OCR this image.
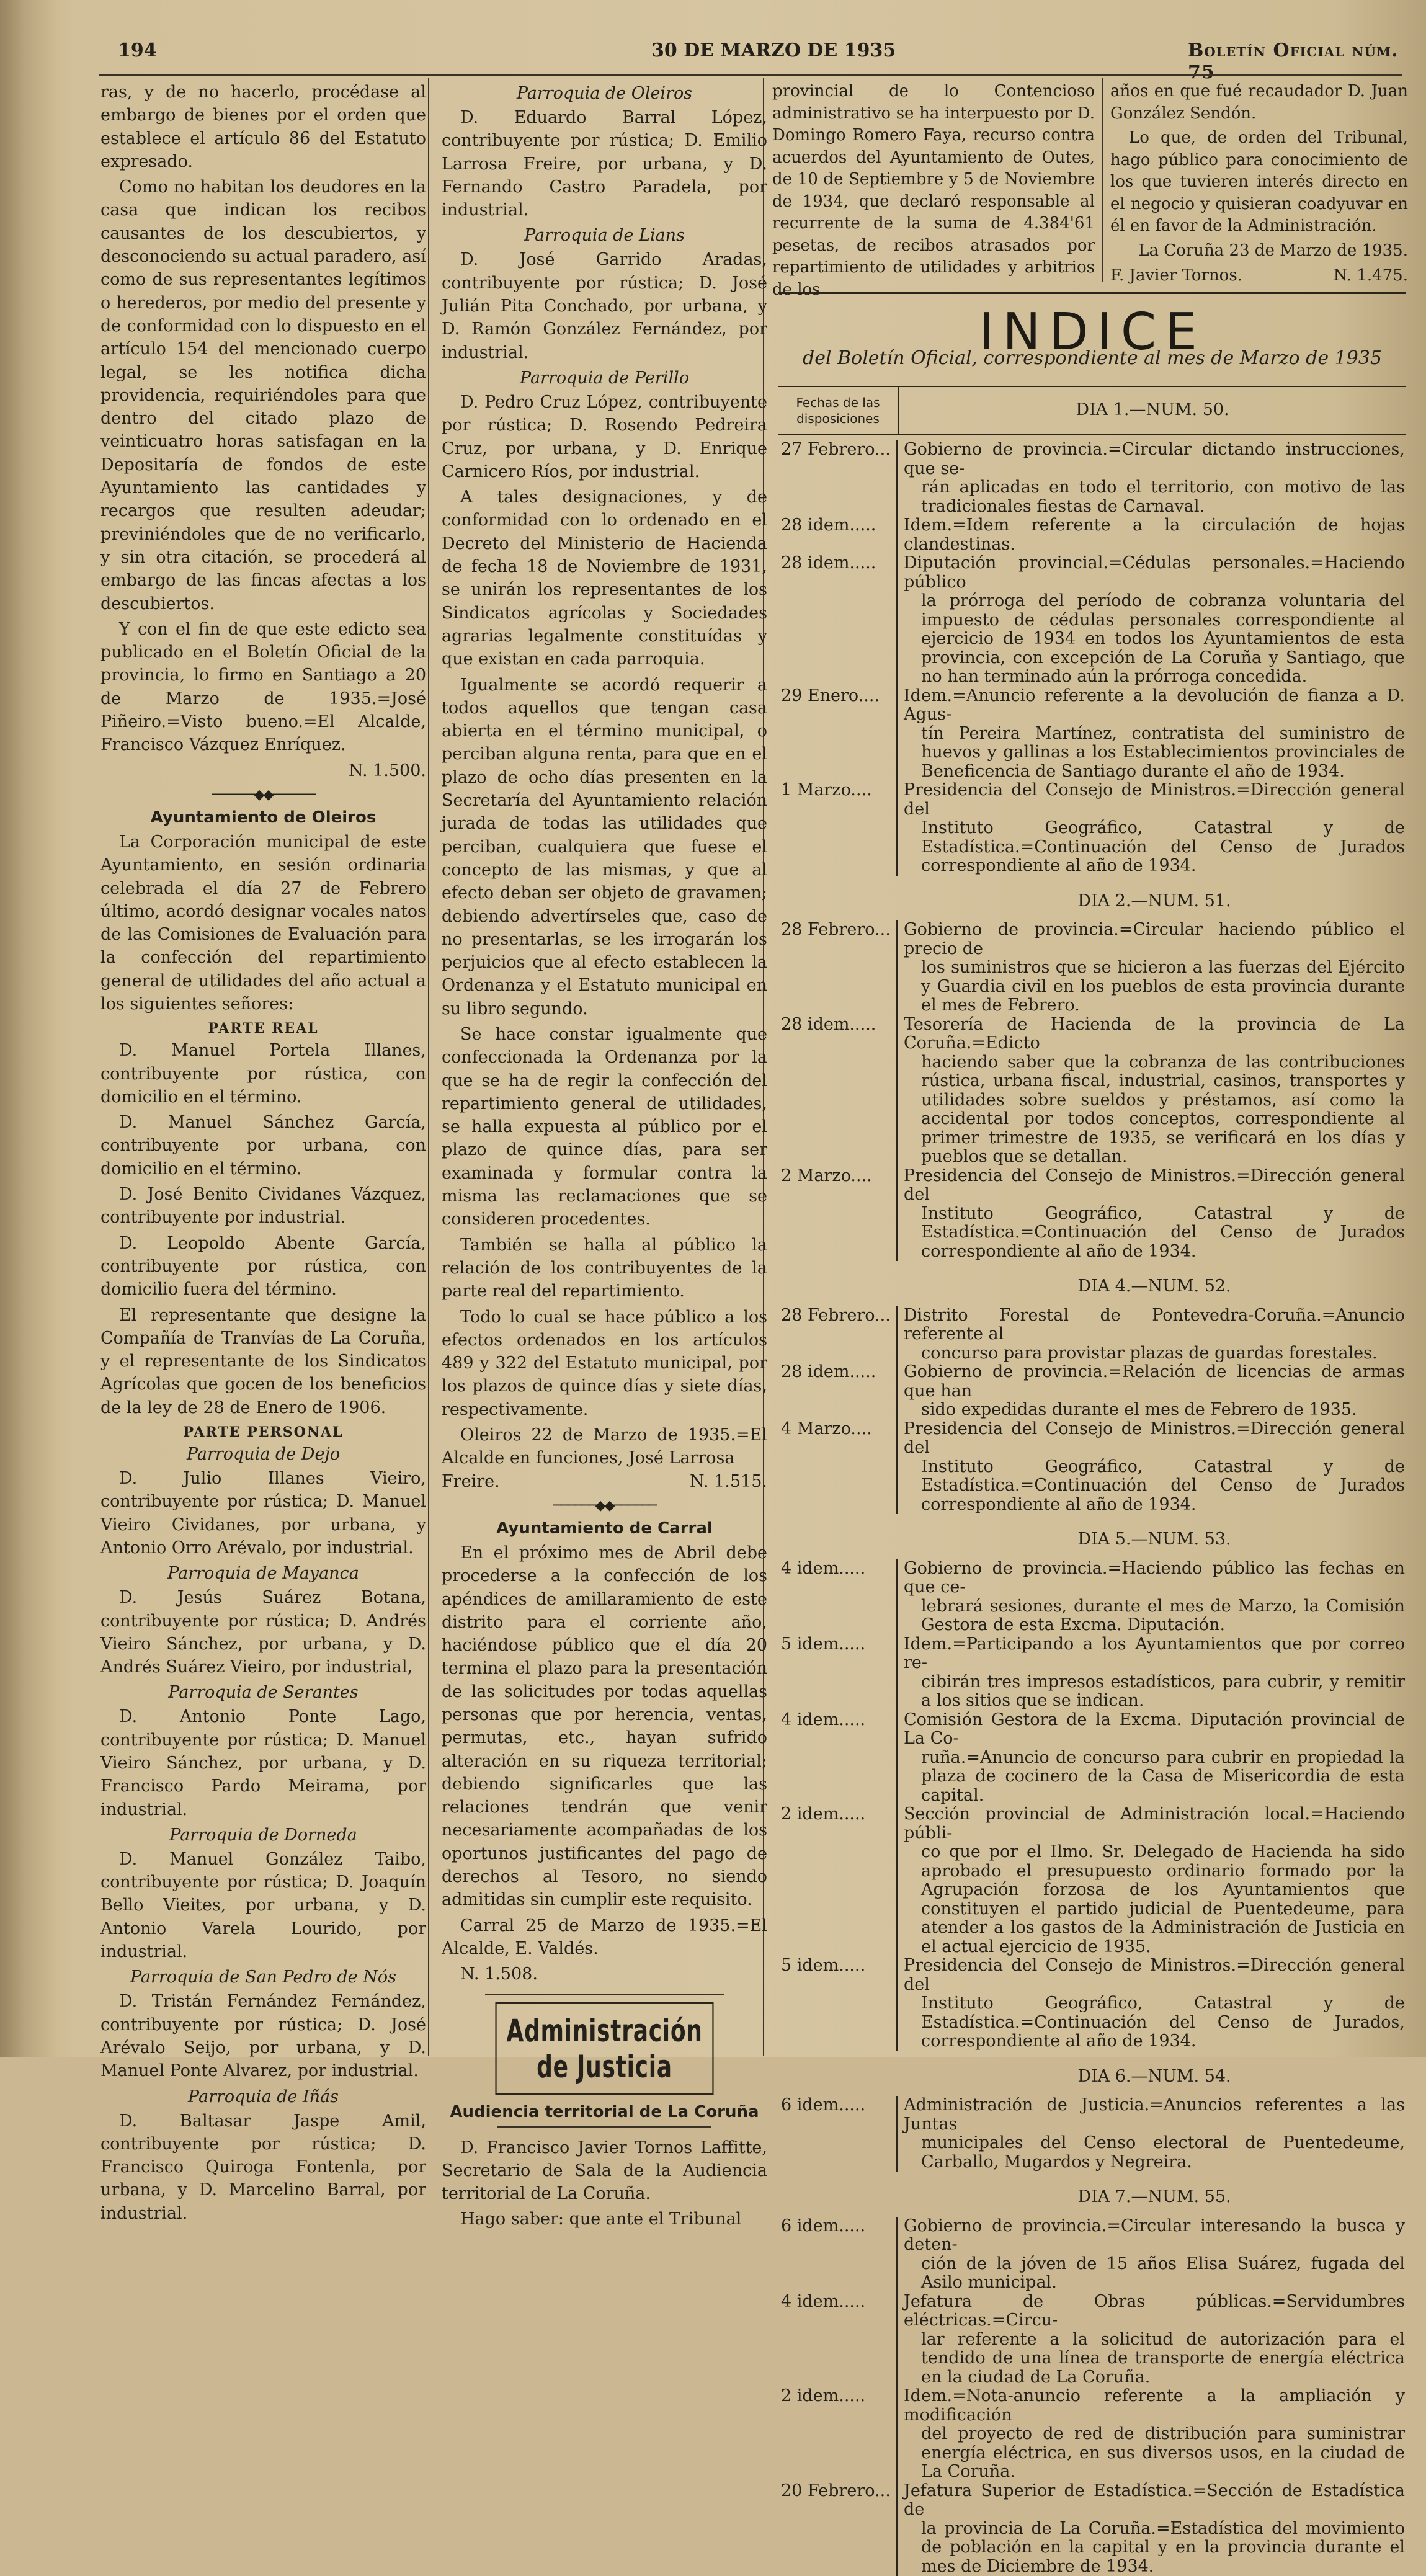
194	30 DE MARZO DE 1935	Boletín Oficial núm. 75

ras, y de no hacerlo, procédase al embargo de bienes por el orden que establece el artículo 86 del Estatuto expresado.

Como no habitan los deudores en la casa que indican los recibos causantes de los descubiertos, y desconociendo su actual paradero, así como de sus representantes legítimos o herederos, por medio del presente y de conformidad con lo dispuesto en el artículo 154 del mencionado cuerpo legal, se les notifica dicha providencia, requiriéndoles para que dentro del citado plazo de veinticuatro horas satisfagan en la Depositaría de fondos de este Ayuntamiento las cantidades y recargos que resulten adeudar; previniéndoles que de no verificarlo, y sin otra citación, se procederá al embargo de las fincas afectas a los descubiertos.

Y con el fin de que este edicto sea publicado en el Boletín Oficial de la provincia, lo firmo en Santiago a 20 de Marzo de 1935.=José Piñeiro.=Visto bueno.=El Alcalde, Francisco Vázquez Enríquez.

N. 1.500.
──────◆◆──────
Ayuntamiento de Oleiros

La Corporación municipal de este Ayuntamiento, en sesión ordinaria celebrada el día 27 de Febrero último, acordó designar vocales natos de las Comisiones de Evaluación para la confección del repartimiento general de utilidades del año actual a los siguientes señores:

PARTE REAL

D. Manuel Portela Illanes, contribuyente por rústica, con domicilio en el término.

D. Manuel Sánchez García, contribuyente por urbana, con domicilio en el término.

D. José Benito Cividanes Vázquez, contribuyente por industrial.

D. Leopoldo Abente García, contribuyente por rústica, con domicilio fuera del término.

El representante que designe la Compañía de Tranvías de La Coruña, y el representante de los Sindicatos Agrícolas que gocen de los beneficios de la ley de 28 de Enero de 1906.

PARTE PERSONAL
Parroquia de Dejo

D. Julio Illanes Vieiro, contribuyente por rústica; D. Manuel Vieiro Cividanes, por urbana, y Antonio Orro Arévalo, por industrial.

Parroquia de Mayanca

D. Jesús Suárez Botana, contribuyente por rústica; D. Andrés Vieiro Sánchez, por urbana, y D. Andrés Suárez Vieiro, por industrial,

Parroquia de Serantes

D. Antonio Ponte Lago, contribuyente por rústica; D. Manuel Vieiro Sánchez, por urbana, y D. Francisco Pardo Meirama, por industrial.

Parroquia de Dorneda

D. Manuel González Taibo, contribuyente por rústica; D. Joaquín Bello Vieites, por urbana, y D. Antonio Varela Lourido, por industrial.

Parroquia de San Pedro de Nós

D. Tristán Fernández Fernández, contribuyente por rústica; D. José Arévalo Seijo, por urbana, y D. Manuel Ponte Alvarez, por industrial.

Parroquia de Iñás

D. Baltasar Jaspe Amil, contribuyente por rústica; D. Francisco Quiroga Fontenla, por urbana, y D. Marcelino Barral, por industrial.

Parroquia de Oleiros

D. Eduardo Barral López, contribuyente por rústica; D. Emilio Larrosa Freire, por urbana, y D. Fernando Castro Paradela, por industrial.

Parroquia de Lians

D. José Garrido Aradas, contribuyente por rústica; D. José Julián Pita Conchado, por urbana, y D. Ramón González Fernández, por industrial.

Parroquia de Perillo

D. Pedro Cruz López, contribuyente por rústica; D. Rosendo Pedreira Cruz, por urbana, y D. Enrique Carnicero Ríos, por industrial.

A tales designaciones, y de conformidad con lo ordenado en el Decreto del Ministerio de Hacienda de fecha 18 de Noviembre de 1931, se unirán los representantes de los Sindicatos agrícolas y Sociedades agrarias legalmente constituídas y que existan en cada parroquia.

Igualmente se acordó requerir a todos aquellos que tengan casa abierta en el término municipal, o perciban alguna renta, para que en el plazo de ocho días presenten en la Secretaría del Ayuntamiento relación jurada de todas las utilidades que perciban, cualquiera que fuese el concepto de las mismas, y que al efecto deban ser objeto de gravamen; debiendo advertírseles que, caso de no presentarlas, se les irrogarán los perjuicios que al efecto establecen la Ordenanza y el Estatuto municipal en su libro segundo.

Se hace constar igualmente que confeccionada la Ordenanza por la que se ha de regir la confección del repartimiento general de utilidades, se halla expuesta al público por el plazo de quince días, para ser examinada y formular contra la misma las reclamaciones que se consideren procedentes.

También se halla al público la relación de los contribuyentes de la parte real del repartimiento.

Todo lo cual se hace público a los efectos ordenados en los artículos 489 y 322 del Estatuto municipal, por los plazos de quince días y siete días, respectivamente.

Oleiros 22 de Marzo de 1935.=El Alcalde en funciones, José Larrosa

Freire.	N. 1.515.
──────◆◆──────
Ayuntamiento de Carral

En el próximo mes de Abril debe procederse a la confección de los apéndices de amillaramiento de este distrito para el corriente año, haciéndose público que el día 20 termina el plazo para la presentación de las solicitudes por todas aquellas personas que por herencia, ventas, permutas, etc., hayan sufrido alteración en su riqueza territorial; debiendo significarles que las relaciones tendrán que venir necesariamente acompañadas de los oportunos justificantes del pago de derechos al Tesoro, no siendo admitidas sin cumplir este requisito.

Carral 25 de Marzo de 1935.=El Alcalde, E. Valdés.

N. 1.508.

Administración de Justicia
Audiencia territorial de La Coruña

D. Francisco Javier Tornos Laffitte, Secretario de Sala de la Audiencia territorial de La Coruña.

Hago saber: que ante el Tribunal

provincial de lo Contencioso administrativo se ha interpuesto por D. Domingo Romero Faya, recurso contra acuerdos del Ayuntamiento de Outes, de 10 de Septiembre y 5 de Noviembre de 1934, que declaró responsable al recurrente de la suma de 4.384'61 pesetas, de recibos atrasados por repartimiento de utilidades y arbitrios de los

años en que fué recaudador D. Juan González Sendón.

Lo que, de orden del Tribunal, hago público para conocimiento de los que tuvieren interés directo en el negocio y quisieran coadyuvar en él en favor de la Administración.

La Coruña 23 de Marzo de 1935.

F. Javier Tornos.	N. 1.475.
INDICE
del Boletín Oficial, correspondiente al mes de Marzo de 1935
Fechas de las disposiciones	DIA 1.—NUM. 50.
27 Febrero... Gobierno de provincia.=Circular dictando instrucciones, que se-
rán aplicadas en todo el territorio, con motivo de las tradicionales fiestas de Carnaval.
28 idem.....	Idem.=Idem referente a la circulación de hojas clandestinas.
28 idem.....	Diputación provincial.=Cédulas personales.=Haciendo público
la prórroga del período de cobranza voluntaria del impuesto de cédulas personales correspondiente al ejercicio de 1934 en todos los Ayuntamientos de esta provincia, con excepción de La Coruña y Santiago, que no han terminado aún la prórroga concedida.
29 Enero....	Idem.=Anuncio referente a la devolución de fianza a D. Agus-
tín Pereira Martínez, contratista del suministro de huevos y gallinas a los Establecimientos provinciales de Beneficencia de Santiago durante el año de 1934.
1 Marzo....	Presidencia del Consejo de Ministros.=Dirección general del
Instituto Geográfico, Catastral y de Estadística.=Continuación del Censo de Jurados correspondiente al año de 1934.
DIA 2.—NUM. 51.
28 Febrero... Gobierno de provincia.=Circular haciendo público el precio de
los suministros que se hicieron a las fuerzas del Ejército y Guardia civil en los pueblos de esta provincia durante el mes de Febrero.
28 idem.....	Tesorería de Hacienda de la provincia de La Coruña.=Edicto
haciendo saber que la cobranza de las contribuciones rústica, urbana fiscal, industrial, casinos, transportes y utilidades sobre sueldos y préstamos, así como la accidental por todos conceptos, correspondiente al primer trimestre de 1935, se verificará en los días y pueblos que se detallan.
2 Marzo....	Presidencia del Consejo de Ministros.=Dirección general del
Instituto Geográfico, Catastral y de Estadística.=Continuación del Censo de Jurados correspondiente al año de 1934.
DIA 4.—NUM. 52.
28 Febrero... Distrito Forestal de Pontevedra-Coruña.=Anuncio referente al
concurso para provistar plazas de guardas forestales.
28 idem.....	Gobierno de provincia.=Relación de licencias de armas que han
sido expedidas durante el mes de Febrero de 1935.
4 Marzo....	Presidencia del Consejo de Ministros.=Dirección general del
Instituto Geográfico, Catastral y de Estadística.=Continuación del Censo de Jurados correspondiente al año de 1934.
DIA 5.—NUM. 53.
4 idem.....	Gobierno de provincia.=Haciendo público las fechas en que ce-
lebrará sesiones, durante el mes de Marzo, la Comisión Gestora de esta Excma. Diputación.
5 idem.....	Idem.=Participando a los Ayuntamientos que por correo re-
cibirán tres impresos estadísticos, para cubrir, y remitir a los sitios que se indican.
4 idem.....	Comisión Gestora de la Excma. Diputación provincial de La Co-
ruña.=Anuncio de concurso para cubrir en propiedad la plaza de cocinero de la Casa de Misericordia de esta capital.
2 idem.....	Sección provincial de Administración local.=Haciendo públi-
co que por el Ilmo. Sr. Delegado de Hacienda ha sido aprobado el presupuesto ordinario formado por la Agrupación forzosa de los Ayuntamientos que constituyen el partido judicial de Puentedeume, para atender a los gastos de la Administración de Justicia en el actual ejercicio de 1935.
5 idem.....	Presidencia del Consejo de Ministros.=Dirección general del
Instituto Geográfico, Catastral y de Estadística.=Continuación del Censo de Jurados, correspondiente al año de 1934.
DIA 6.—NUM. 54.
6 idem.....	Administración de Justicia.=Anuncios referentes a las Juntas
municipales del Censo electoral de Puentedeume, Carballo, Mugardos y Negreira.
DIA 7.—NUM. 55.
6 idem.....	Gobierno de provincia.=Circular interesando la busca y deten-
ción de la jóven de 15 años Elisa Suárez, fugada del Asilo municipal.
4 idem.....	Jefatura de Obras públicas.=Servidumbres eléctricas.=Circu-
lar referente a la solicitud de autorización para el tendido de una línea de transporte de energía eléctrica en la ciudad de La Coruña.
2 idem.....	Idem.=Nota-anuncio referente a la ampliación y modificación
del proyecto de red de distribución para suministrar energía eléctrica, en sus diversos usos, en la ciudad de La Coruña.
20 Febrero... Jefatura Superior de Estadística.=Sección de Estadística de
la provincia de La Coruña.=Estadística del movimiento de población en la capital y en la provincia durante el mes de Diciembre de 1934.
